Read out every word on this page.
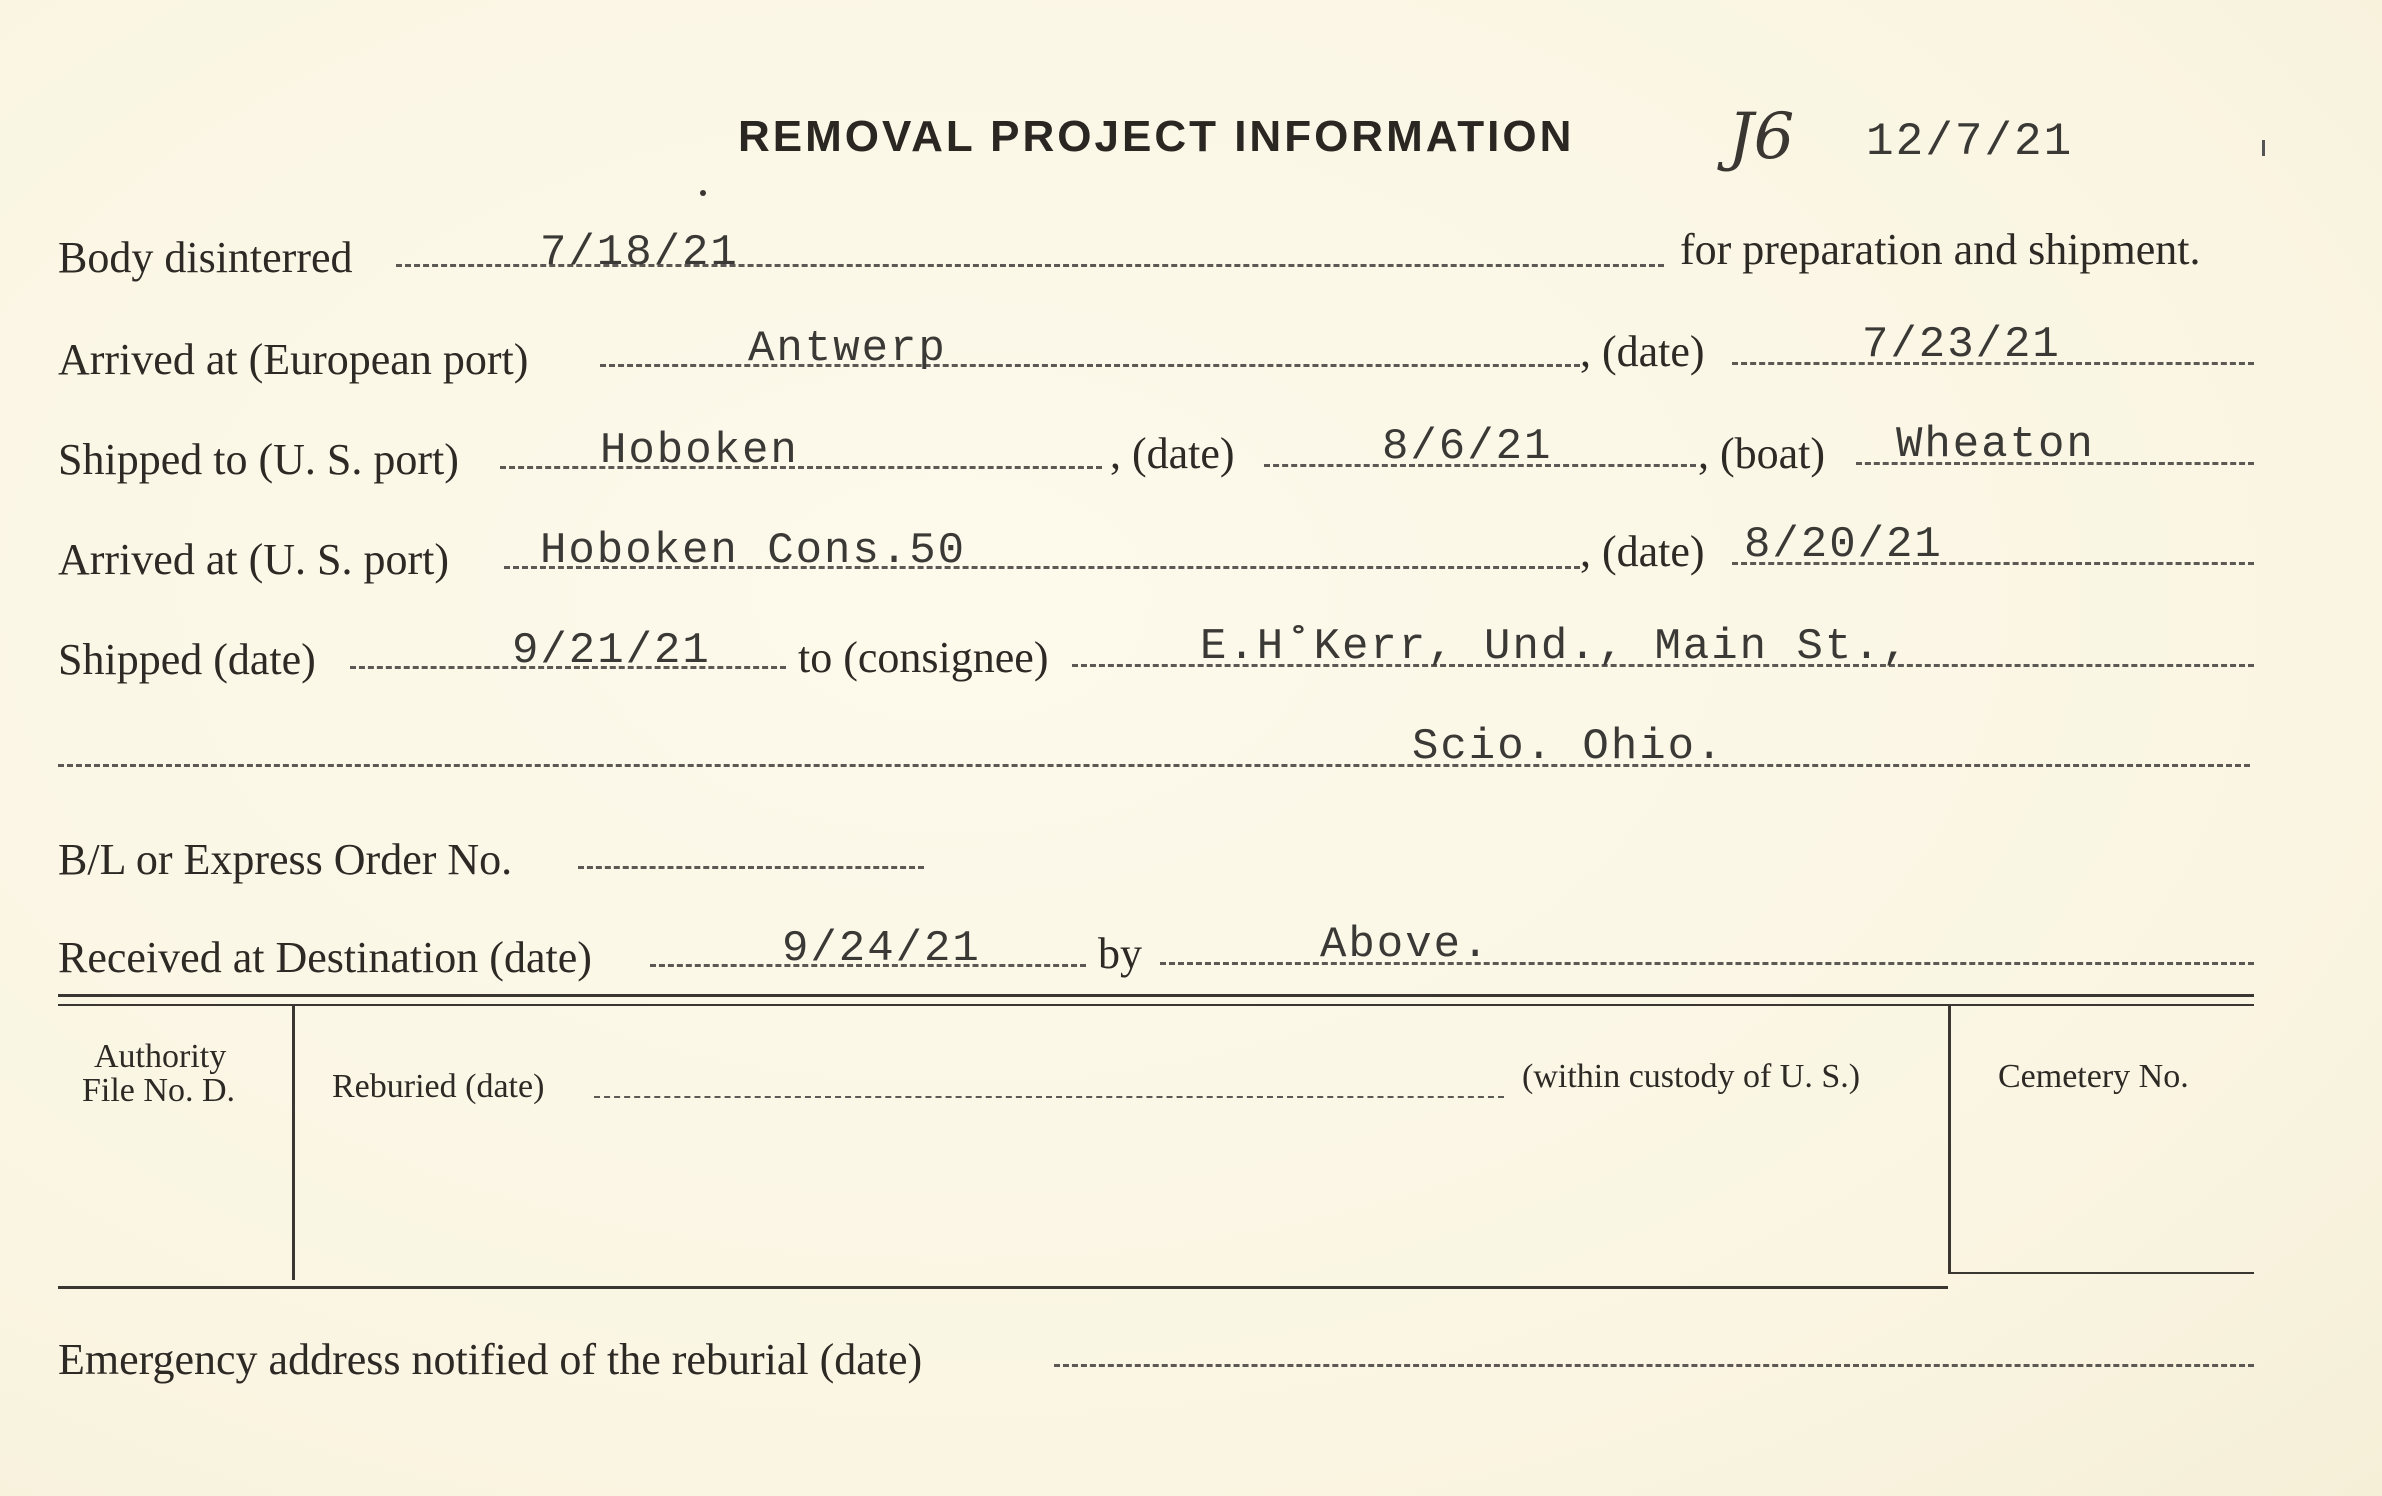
REMOVAL PROJECT INFORMATION J6 12/7/21
Body disinterred	7/18/21	for preparation and shipment.
Arrived at (European port)	Antwerp	, (date)	7/23/21
Shipped to (U. S. port)	Hoboken	, (date)	8/6/21	, (boat) Wheaton
Arrived at (U. S. port) Hoboken Cons.50	, (date) 8/20/21
Shipped (date)	9/21/21 to (consignee)	E.H˚Kerr, Und., Main St.,
Scio. Ohio.
B/L or Express Order No.
Received at Destination (date)	9/24/21	by	Above.
Authority
File No. D.	Reburied (date)	(within custody of U. S.)	Cemetery No.
Emergency address notified of the reburial (date)
